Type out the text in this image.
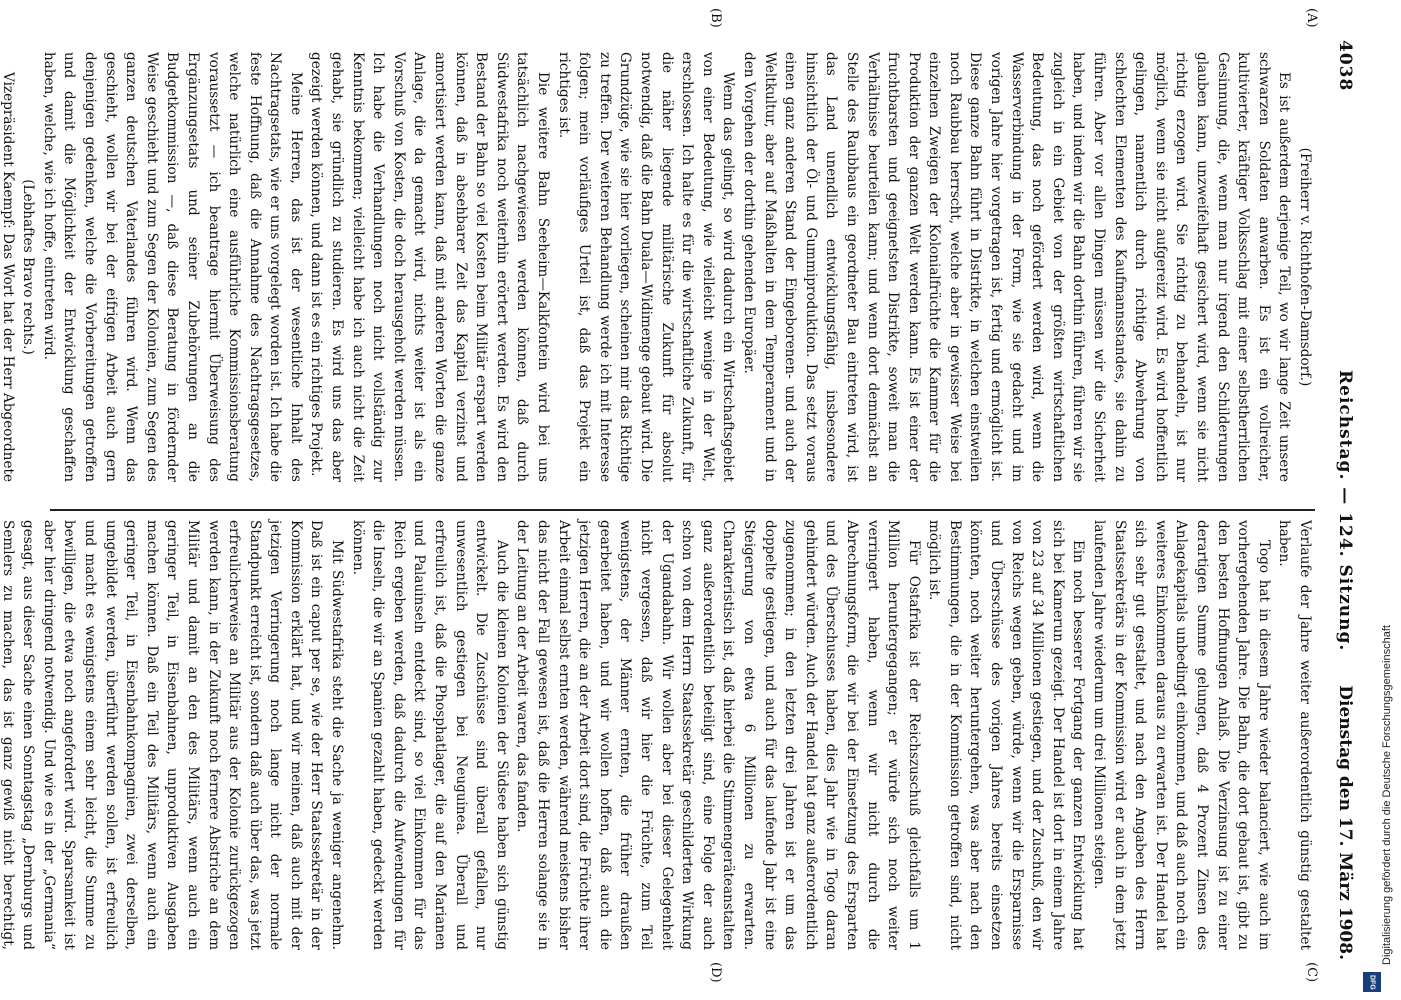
4038
Reichstag. — 124. Sitzung.
Dienstag den 17. März 1908.
(A)
(B)
(C)
(D)

(Freiherr v. Richthofen-Damsdorf.)

Es ist außerdem derjenige Teil, wo wir lange Zeit unsere schwarzen Soldaten anwarben. Es ist ein vollreicher, kultivierter, kräftiger Volksschlag mit einer selbstherrlichen Gesinnung, die, wenn man nur irgend den Schilderungen glauben kann, unzweifelhaft gesichert wird, wenn sie nicht richtig erzogen wird. Sie richtig zu behandeln, ist nur möglich, wenn sie nicht aufgereizt wird. Es wird hoffentlich gelingen, namentlich durch richtige Abwehrung von schlechten Elementen des Kaufmannsstandes, sie dahin zu führen. Aber vor allen Dingen müssen wir die Sicherheit haben, und indem wir die Bahn dorthin führen, führen wir sie zugleich in ein Gebiet von der größten wirtschaftlichen Bedeutung, das noch gefördert werden wird, wenn die Wasserverbindung in der Form, wie sie gedacht und im vorigen Jahre hier vorgetragen ist, fertig und ermöglicht ist. Diese ganze Bahn führt in Distrikte, in welchen einstweilen noch Raubbau herrscht, welche aber in gewisser Weise bei einzelnen Zweigen der Kolonialfrüchte die Kammer für die Produktion der ganzen Welt werden kann. Es ist einer der fruchtbarsten und geeignetsten Distrikte, soweit man die Verhältnisse beurteilen kann; und wenn dort demnächst an Stelle des Raubbaus ein geordneter Bau eintreten wird, ist das Land unendlich entwicklungsfähig, insbesondere hinsichtlich der Öl- und Gummiproduktion. Das setzt voraus einen ganz anderen Stand der Eingeborenen- und auch der Weltkultur, aber auf Maßhalten in dem Temperament und in den Vorgehen der dorthin gehenden Europäer.

Wenn das gelingt, so wird dadurch ein Wirtschaftsgebiet von einer Bedeutung, wie vielleicht wenige in der Welt, erschlossen. Ich halte es für die wirtschaftliche Zukunft, für die näher liegende militärische Zukunft für absolut notwendig, daß die Bahn Duala—Widimenge gebaut wird. Die Grundzüge, wie sie hier vorliegen, scheinen mir das Richtige zu treffen. Der weiteren Behandlung werde ich mit Interesse folgen; mein vorläufiges Urteil ist, daß das Projekt ein richtiges ist.

Die weitere Bahn Seeheim—Kalkfontein wird bei uns tatsächlich nachgewiesen werden können, daß durch Südwestafrika noch weiterhin erörtert werden. Es wird den Bestand der Bahn so viel Kosten beim Militär erspart werden können, daß in absehbarer Zeit das Kapital verzinst und amortisiert werden kann, daß mit anderen Worten die ganze Anlage, die da gemacht wird, nichts weiter ist als ein Vorschuß von Kosten, die doch herausgeholt werden müssen. Ich habe die Verhandlungen noch nicht vollständig zur Kenntnis bekommen; vielleicht habe ich auch nicht die Zeit gehabt, sie gründlich zu studieren. Es wird uns das aber gezeigt werden können, und dann ist es ein richtiges Projekt.

Meine Herren, das ist der wesentliche Inhalt des Nachtragsetats, wie er uns vorgelegt worden ist. Ich habe die feste Hoffnung, daß die Annahme des Nachtragsgesetzes, welche natürlich eine ausführliche Kommissionsberatung voraussetzt — ich beantrage hiermit Überweisung des Ergänzungsetats und seiner Zubehörungen an die Budgetkommission —, daß diese Beratung in fördernder Weise geschieht und zum Segen der Kolonien, zum Segen des ganzen deutschen Vaterlandes führen wird. Wenn das geschieht, wollen wir bei der eifrigen Arbeit auch gern denjenigen gedenken, welche die Vorbereitungen getroffen und damit die Möglichkeit der Entwicklung geschaffen haben, welche, wie ich hoffe, eintreten wird.

(Lebhaftes Bravo rechts.)

Vizepräsident Kaempf: Das Wort hat der Herr Abgeordnete

Verlaufe der Jahre weiter außerordentlich günstig gestaltet haben.

Togo hat in diesem Jahre wieder balanciert, wie auch im vorhergehenden Jahre. Die Bahn, die dort gebaut ist, gibt zu den besten Hoffnungen Anlaß. Die Verzinsung ist zu einer derartigen Summe gelungen, daß 4 Prozent Zinsen des Anlagekapitals unbedingt einkommen, und daß auch noch ein weiteres Einkommen daraus zu erwarten ist. Der Handel hat sich sehr gut gestaltet, und nach den Angaben des Herrn Staatssekretärs in der Kommission wird er auch in dem jetzt laufenden Jahre wiederum um drei Millionen steigen.

Ein noch besserer Fortgang der ganzen Entwicklung hat sich bei Kamerun gezeigt. Der Handel ist dort in einem Jahre von 23 auf 34 Millionen gestiegen, und der Zuschuß, den wir von Reichs wegen geben, würde, wenn wir die Ersparnisse und Überschüsse des vorigen Jahres bereits einsetzen könnten, noch weiter heruntergehen, was aber nach den Bestimmungen, die in der Kommission getroffen sind, nicht möglich ist.

Für Ostafrika ist der Reichszuschuß gleichfalls um 1 Million heruntergegangen; er würde sich noch weiter verringert haben, wenn wir nicht durch die Abrechnungsform, die wir bei der Einsetzung des Ersparten und des Überschusses haben, dies Jahr wie in Togo daran gehindert würden. Auch der Handel hat ganz außerordentlich zugenommen; in den letzten drei Jahren ist er um das doppelte gestiegen, und auch für das laufende Jahr ist eine Steigerung von etwa 6 Millionen zu erwarten. Charakteristisch ist, daß hierbei die Stimmengeräteanstalten ganz außerordentlich beteiligt sind, eine Folge der auch schon von dem Herrn Staatssekretär geschilderten Wirkung der Ugandabahn. Wir wollen aber bei dieser Gelegenheit nicht vergessen, daß wir hier die Früchte, zum Teil wenigstens, der Männer ernten, die früher draußen gearbeitet haben, und wir wollen hoffen, daß auch die jetzigen Herren, die an der Arbeit dort sind, die Früchte ihrer Arbeit einmal selbst ernten werden, während meistens bisher das nicht der Fall gewesen ist, daß die Herren solange sie in der Leitung an der Arbeit waren, das fanden.

Auch die kleinen Kolonien der Südsee haben sich günstig entwickelt. Die Zuschüsse sind überall gefallen, nur unwesentlich gestiegen bei Neuguinea. Überall und erfreulich ist, daß die Phosphatlager, die auf den Marianen und Palauinseln entdeckt sind, so viel Einkommen für das Reich ergeben werden, daß dadurch die Aufwendungen für die Inseln, die wir an Spanien gezahlt haben, gedeckt werden können.

Mit Südwestafrika steht die Sache ja weniger angenehm. Daß ist ein caput per se, wie der Herr Staatssekretär in der Kommission erklärt hat, und wir meinen, daß auch mit der jetzigen Verringerung noch lange nicht der normale Standpunkt erreicht ist, sondern daß auch über das, was jetzt erfreulicherweise an Militär aus der Kolonie zurückgezogen werden kann, in der Zukunft noch fernere Abstriche an dem Militär und damit an den des Militärs, wenn auch ein geringer Teil, in Eisenbahnen, unproduktiven Ausgaben machen können. Daß ein Teil des Militärs, wenn auch ein geringer Teil, in Eisenbahnkompagnien, zwei derselben, umgebildet werden, überführt werden sollen, ist erfreulich und macht es wenigstens einem sehr leicht, die Summe zu bewilligen, die etwa noch angefordert wird. Sparsamkeit ist aber hier dringend notwendig. Und wie es in der „Germania“ gesagt, aus dieser Sache einen Sonntagstag „Dernburgs und Semlers zu machen, das ist ganz gewiß nicht berechtigt,	Digitalisierung gefördert durch die Deutsche Forschungsgemeinschaft
DFG
